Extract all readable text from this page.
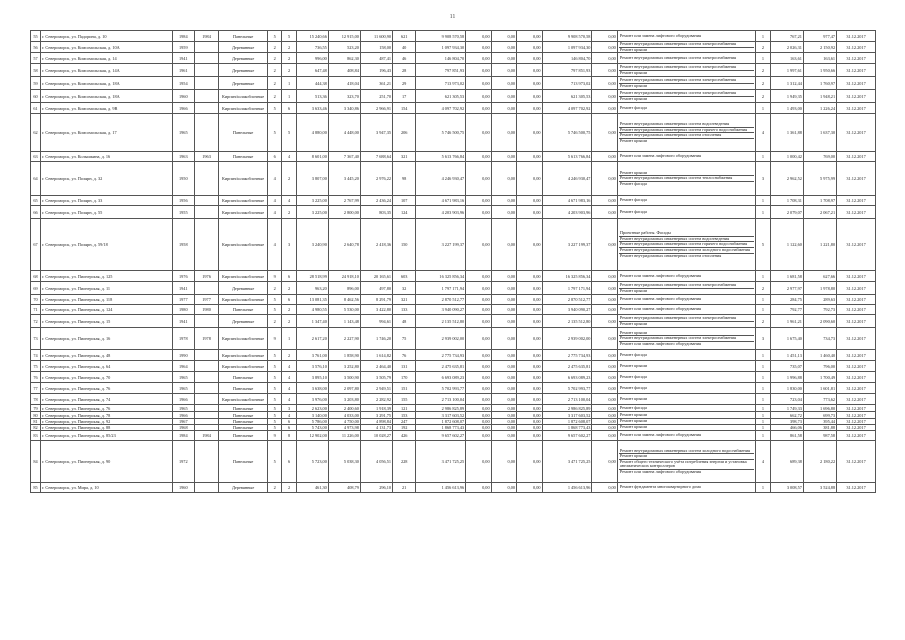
11
55	г. Североморск, ул. Падорина, д. 10	1984	1984	Панельные	5	5	15 240,66	12 915,00	11 600,90	621	9 908 570,58	0,00	0,00	0,00	9 908 570,58	0,00	Ремонт или замена лифтового оборудования	1	767,21	977,47	31.12.2017
56	г. Североморск, ул. Комсомольская, д. 10А	1959		Деревянные	2	2	736,55	523,20	158,00	40	1 097 934,30	0,00	0,00	0,00	1 097 934,30	0,00	Ремонт внутридомовых инженерных систем электроснабжения
Ремонт крыши	2	2 026,31	2 150,92	31.12.2017
57	г. Североморск, ул. Комсомольская, д. 14	1941		Деревянные	2	2	996,00	862,30	487,41	46	146 804,70	0,00	0,00	0,00	146 804,70	0,00	Ремонт внутридомовых инженерных систем электроснабжения	1	163,61	163,61	31.12.2017
58	г. Североморск, ул. Комсомольская, д. 14А	1961		Деревянные	2	2	647,48	408,84	196,43	28	797 851,93	0,00	0,00	0,00	797 851,93	0,00	Ремонт внутридомовых инженерных систем электроснабжения
Ремонт крыши	2	1 997,61	1 950,66	31.12.2017
59	г. Североморск, ул. Комсомольская, д. 18А	1954		Деревянные	2	1	444,38	418,04	361,21	29	713 973,02	0,00	0,00	0,00	713 973,02	0,00	Ремонт внутридомовых инженерных систем электроснабжения
Ремонт крыши	2	1 312,44	1 760,97	31.12.2017
60	г. Североморск, ул. Комсомольская, д. 18А	1960		Кирпич/шлакоблочные	2	1	513,36	323,70	251,70	17	621 305,53	0,00	0,00	0,00	621 305,53	0,00	Ремонт внутридомовых инженерных систем электроснабжения
Ремонт крыши	2	1 949,35	1 948,21	31.12.2017
61	г. Североморск, ул. Комсомольская, д. 9В	1966		Кирпич/шлакоблочные	5	6	3 633,46	3 340,86	2 966,91	154	4 097 702,92	0,00	0,00	0,00	4 097 702,92	0,00	Ремонт фасада	1	1 493,00	1 226,24	31.12.2017
62	г. Североморск, ул. Комсомольская, д. 17	1965		Панельные	5	5	4 880,00	4 448,00	3 947,35	206	5 746 500,75	0,00	0,00	0,00	5 746 500,75	0,00	Ремонт внутридомовых инженерных систем водоотведения
Ремонт внутридомовых инженерных систем горячего водоснабжения
Ремонт внутридомовых инженерных систем отопления
Ремонт крыши	4	1 361,88	1 637,30	31.12.2017
63	г. Североморск, ул. Колышкина, д. 16	1963	1963	Панельные	6	4	8 601,00	7 367,40	7 688,64	321	5 613 766,84	0,00	0,00	0,00	5 613 766,84	0,00	Ремонт или замена лифтового оборудования	1	1 000,42	769,00	31.12.2017
64	г. Североморск, ул. Полярн, д. 32	1950		Кирпич/шлакоблочные	4	2	3 807,00	3 445,20	2 976,22	98	4 246 930,47	0,00	0,00	0,00	4 246 930,47	0,00	Ремонт крыши
Ремонт внутридомовых инженерных систем теплоснабжения
Ремонт фасада	3	2 962,52	5 975,99	31.12.2017
65	г. Североморск, ул. Полярн, д. 33	1956		Кирпич/шлакоблочные	4	4	3 225,00	2 767,99	2 436,24	107	4 671 983,16	0,00	0,00	0,00	4 671 983,16	0,00	Ремонт фасада	1	1 708,31	1 708,97	31.12.2017
66	г. Североморск, ул. Полярн, д. 55	1955		Кирпич/шлакоблочные	4	2	3 225,00	2 800,00	803,35	124	4 203 903,96	0,00	0,00	0,00	4 203 903,96	0,00	Ремонт фасада	1	2 079,07	2 067,21	31.12.2017
67	г. Североморск, ул. Полярн, д. 59/18	1958		Кирпич/шлакоблочные	4	3	3 240,90	2 640,78	2 418,36	150	3 227 199,37	0,00	0,00	0,00	3 227 199,37	0,00	Проектные работы. Фасады
Ремонт внутридомовых инженерных систем водоотведения
Ремонт внутридомовых инженерных систем горячего водоснабжения
Ремонт внутридомовых инженерных систем холодного водоснабжения
Ремонт внутридомовых инженерных систем отопления	5	1 122,60	1 221,80	31.12.2017
68	г. Североморск, ул. Пионерская, д. 125	1976	1976	Кирпич/шлакоблочные	9	6	28 518,99	24 918,10	20 165,61	603	16 325 856,34	0,00	0,00	0,00	16 325 856,34	0,00	Ремонт или замена лифтового оборудования	1	1 681,58	627,66	31.12.2017
69	г. Североморск, ул. Пионерская, д. 11	1941		Деревянные	2	2	963,20	896,00	497,80	32	1 797 171,94	0,00	0,00	0,00	1 797 171,94	0,00	Ремонт внутридомовых инженерных систем электроснабжения
Ремонт крыши	2	2 977,97	1 978,80	31.12.2017
70	г. Североморск, ул. Пионерская, д. 118	1977	1977	Кирпич/шлакоблочные	5	6	13 081,35	8 462,56	8 291,79	321	2 870 512,77	0,00	0,00	0,00	2 870 512,77	0,00	Ремонт или замена лифтового оборудования	1	284,75	289,63	31.12.2017
71	г. Североморск, ул. Пионерская, д. 124	1980	1980	Панельные	5	2	4 980,55	5 530,00	3 422,80	133	3 940 090,27	0,00	0,00	0,00	3 940 090,27	0,00	Ремонт или замена лифтового оборудования	1	792,77	792,73	31.12.2017
72	г. Североморск, ул. Пионерская, д. 15	1941		Деревянные	2	2	1 347,40	1 143,48	994,61	48	2 135 512,80	0,00	0,00	0,00	2 135 512,80	0,00	Ремонт внутридомовых инженерных систем электроснабжения
Ремонт крыши	2	1 961,21	2 090,60	31.12.2017
73	г. Североморск, ул. Пионерская, д. 16	1978	1978	Кирпич/шлакоблочные	9	1	2 617,20	2 227,90	1 746,20	75	2 939 002,00	0,00	0,00	0,00	2 939 002,00	0,00	Ремонт крыши
Ремонт внутридомовых инженерных систем электроснабжения
Ремонт или замена лифтового оборудования	3	1 675,40	734,73	31.12.2017
74	г. Североморск, ул. Пионерская, д. 48	1990		Кирпич/шлакоблочные	5	2	3 761,00	1 858,90	1 614,82	76	2 775 734,93	0,00	0,00	0,00	2 775 734,93	0,00	Ремонт фасада	1	1 451,13	1 460,40	31.12.2017
75	г. Североморск, ул. Пионерская, д. 64	1964		Кирпич/шлакоблочные	5	4	3 576,10	3 252,80	2 464,40	131	2 475 635,81	0,00	0,00	0,00	2 475 635,81	0,00	Ремонт крыши	1	735,07	796,00	31.12.2017
76	г. Североморск, ул. Пионерская, д. 70	1965		Панельные	5	4	3 895,10	3 500,90	3 505,79	170	6 693 089,23	0,00	0,00	0,00	6 693 089,23	0,00	Ремонт фасада	1	1 996,88	1 700,49	31.12.2017
77	г. Североморск, ул. Пионерская, д. 76	1965		Панельные	5	4	3 638,00	2 097,80	2 949,51	151	5 702 993,77	0,00	0,00	0,00	5 702 993,77	0,00	Ремонт фасада	1	1 830,00	1 601,81	31.12.2017
78	г. Североморск, ул. Пионерская, д. 74	1966		Кирпич/шлакоблочные	5	4	3 976,00	3 203,80	2 282,92	155	2 713 100,04	0,00	0,00	0,00	2 713 100,04	0,00	Ремонт крыши	1	723,04	773,62	31.12.2017
79	г. Североморск, ул. Пионерская, д. 76	1965		Панельные	5	3	2 623,00	2 400,60	1 918,39	121	2 986 825,89	0,00	0,00	0,00	2 986 825,89	0,00	Ремонт фасада	1	1 749,33	1 696,80	31.12.2017
80	г. Североморск, ул. Пионерская, д. 78	1966		Панельные	5	4	3 140,00	4 033,00	3 291,75	153	3 317 603,52	0,00	0,00	0,00	3 317 603,52	0,00	Ремонт крыши	1	662,72	699,73	31.12.2017
81	г. Североморск, ул. Пионерская, д. 92	1967		Панельные	5	6	5 786,00	4 750,00	4 898,84	247	1 872 608,07	0,00	0,00	0,00	1 872 608,07	0,00	Ремонт крыши	1	398,73	395,44	31.12.2017
82	г. Североморск, ул. Пионерская, д. 88	1968		Панельные	5	6	5 743,00	4 973,98	4 131,73	192	1 868 773,43	0,00	0,00	0,00	1 868 773,43	0,00	Ремонт крыши	1	466,06	381,88	31.12.2017
83	г. Североморск, ул. Пионерская, д. 85/23	1984	1984	Панельные	9	8	12 902,00	11 226,00	10 028,27	426	9 657 602,27	0,00	0,00	0,00	9 657 602,27	0,00	Ремонт или замена лифтового оборудования	1	861,58	987,58	31.12.2017
84	г. Североморск, ул. Пионерская, д. 90	1972		Панельные	5	6	5 723,00	5 038,30	4 056,51	228	3 471 725,25	0,00	0,00	0,00	3 471 725,25	0,00	Ремонт внутридомовых инженерных систем холодного водоснабжения
Ремонт крыши
Ремонт общего технического учёта потребления энергии и установка автоматических контроллеров
Ремонт или замена лифтового оборудования	4	689,38	2 180,22	31.12.2017
85	г. Североморск, ул. Мира, д. 10	1960		Деревянные	2	2	461,30	408,79	296,10	21	1 456 613,96	0,00	0,00	0,00	1 456 613,96	0,00	Ремонт фундамента многоквартирного дома	1	3 008,57	3 524,88	31.12.2017
